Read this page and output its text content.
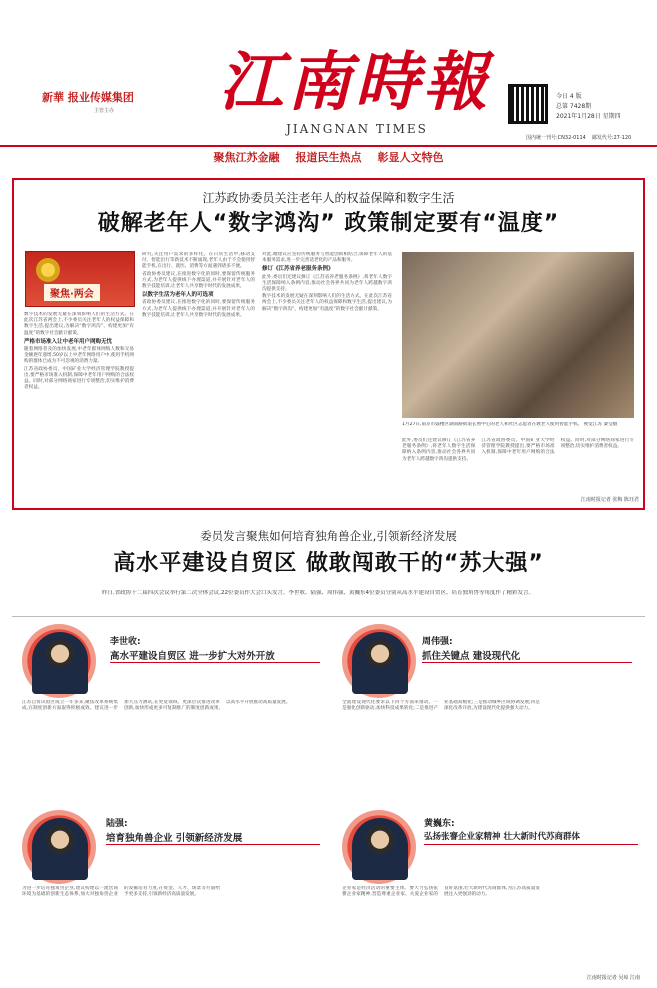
新華 报业传媒集团
主管主办	江南時報
JIANGNAN TIMES
今日 4 版
总第 7428期
2021年1月28日 星期四
国内统一刊号:CN32-0114 邮发代号:27-120
聚焦江苏金融 报道民生热点 彰显人文特色
江苏政协委员关注老年人的权益保障和数字生活
破解老年人“数字鸿沟” 政策制定要有“温度”
聚焦·两会

数字技术的发展无疑在深刻影响人们的生活方式。在此次江苏省两会上,不少委员关注老年人的权益保障和数字生活,提出建议,为解决“数字鸿沟”、构建更加“有温度”的数字社会献计献策。

严格市场准入让中老年用户网购无忧

随着网络普及的加快发展,中老年群体网购人数和交易金额逐年递增,50岁以上中老年网络用户中,使用手机网购的群体已成为不可忽视的消费力量。

江苏省政协委员、中国矿业大学经济管理学院教授提出,要严格市场准入机制,保障中老年用户网购的合法权益。同时,对部分网络商家进行专项整治,切实维护消费者权益。

研究,关注用户需求的多样化。在日常生活中,移动支付、智能出行等新技术不断涌现,老年人由于不会使用智能手机,在出行、就医、消费等方面遇到诸多不便。

省政协委员建议,在推进数字化的同时,要保留传统服务方式,为老年人提供线下办理渠道,并开展针对老年人的数字技能培训,让老年人共享数字时代的发展成果。

以数字生活为老年人的可选项

省政协委员建议,在推进数字化的同时,要保留传统服务方式,为老年人提供线下办理渠道,并开展针对老年人的数字技能培训,让老年人共享数字时代的发展成果。

对此,她建议应坚持传统服务与智能创新相结合,保障老年人的基本服务需求,进一步完善适老化的产品和服务。

修订《江苏省养老服务条例》

此外,委员们还建议修订《江苏省养老服务条例》,将老年人数字生活保障纳入条例内容,推动社会各界共同为老年人跨越数字鸿沟提供支持。

数字技术的发展无疑在深刻影响人们的生活方式。在此次江苏省两会上,不少委员关注老年人的权益保障和数字生活,提出建议,为解决“数字鸿沟”、构建更加“有温度”的数字社会献计献策。

1月27日,南京市鼓楼区湖南路街道长照中心的老人和社区志愿者在教老人使用智能手机。 视觉江苏 秦莹摄

此外,委员们还建议修订《江苏省养老服务条例》,将老年人数字生活保障纳入条例内容,推动社会各界共同为老年人跨越数字鸿沟提供支持。

江苏省政协委员、中国矿业大学经济管理学院教授提出,要严格市场准入机制,保障中老年用户网购的合法权益。同时,对部分网络商家进行专项整治,切实维护消费者权益。

江南时报记者 张梅 陈珏君
委员发言聚焦如何培育独角兽企业,引领新经济发展
高水平建设自贸区 做敢闯敢干的“苏大强”
昨日,省政协十二届四次会议举行第二次全体会议,22位委员作大会口头发言。李世收、陆强、周伟强、黄巍东4位委员分别从高水平建设自贸区、培育独角兽等角度作了精彩发言。
李世收:
高水平建设自贸区 进一步扩大对外开放
江苏自贸试验区成立一年多来,聚焦改革系统集成,在制度创新方面取得积极成效。建议进一步加大压力测试,在更宽领域、更深层次推进改革创新,加快形成更多可复制推广的制度创新成果,以高水平开放推动高质量发展。
周伟强:
抓住关键点 建设现代化
全面建设现代化要求以下四个方面来推动。一是强化创新驱动,加快科技成果转化;二是推进产业基础高级化;三是推动城乡区域协调发展;四是深化改革开放,为建设现代化提供强大动力。
陆强:
培育独角兽企业 引领新经济发展
为进一步培育独角兽企业,建议构建以一流营商环境为基础的创新生态体系,加大对独角兽企业的发掘培育力度,在资金、人才、场景等方面给予更多支持,引领新经济高质量发展。
黄巍东:
弘扬张謇企业家精神 壮大新时代苏商群体
企业家是经济活动的重要主体。要大力弘扬张謇企业家精神,营造尊重企业家、关爱企业家的良好氛围,壮大新时代苏商群体,为江苏高质量发展注入更强劲的动力。
江南时报记者 吴琼 江南
